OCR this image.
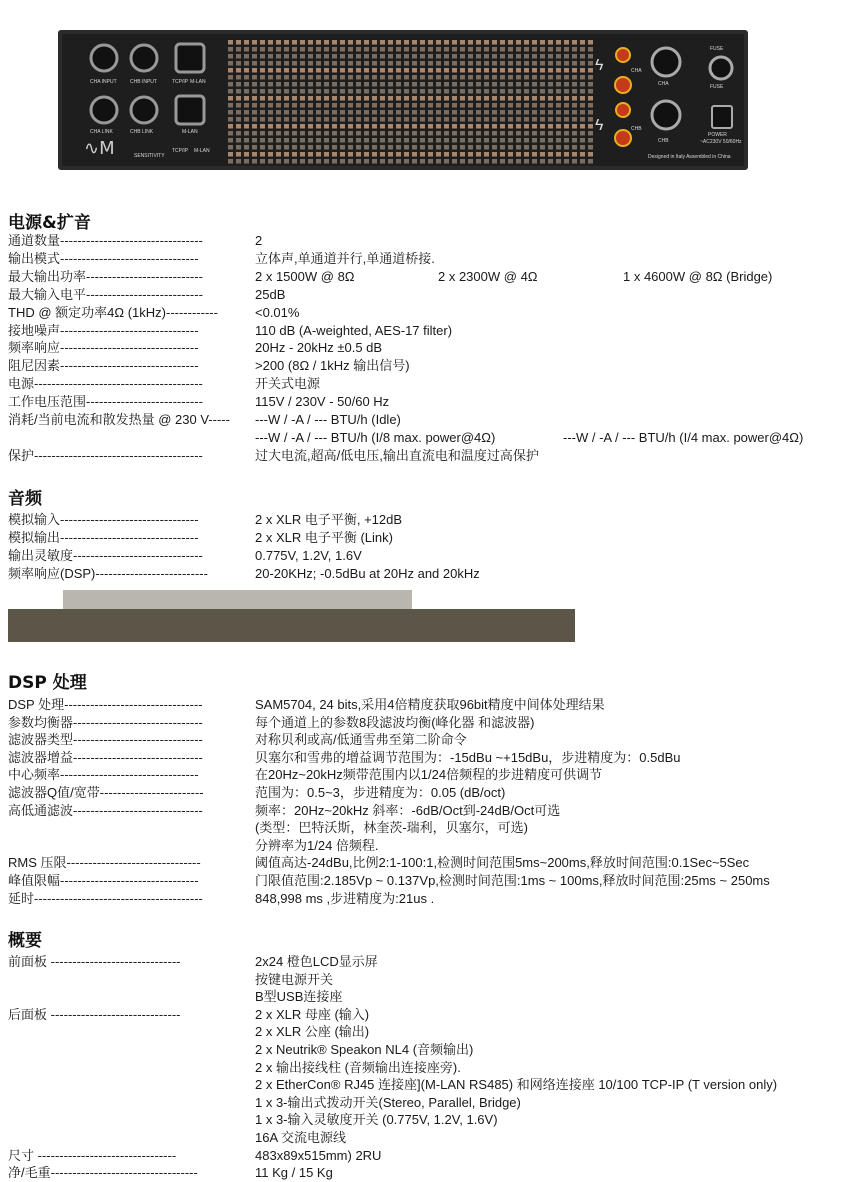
CHA INPUT	CHB INPUT	TCP/IP M-LAN
CHA LINK	CHB LINK	M-LAN
SENSITIVITY
TCP/IP M-LAN
CHA
CHB
CHA
CHB
FUSE
FUSE
POWER
~AC230V 50/60Hz
Designed in Italy Assembled in China
∿M
ϟ
ϟ
电源&扩音
通道数量---------------------------------	2
输出模式--------------------------------	立体声,单通道并行,单通道桥接.
最大输出功率---------------------------	2 x 1500W @ 8Ω	2 x 2300W @ 4Ω	1 x 4600W @ 8Ω (Bridge)
最大输入电平---------------------------	25dB
THD @ 额定功率4Ω (1kHz)------------	<0.01%
接地噪声--------------------------------	110 dB (A-weighted, AES-17 filter)
频率响应--------------------------------	20Hz - 20kHz ±0.5 dB
阻尼因素--------------------------------	>200 (8Ω / 1kHz 输出信号)
电源---------------------------------------	开关式电源
工作电压范围---------------------------	115V / 230V - 50/60 Hz
消耗/当前电流和散发热量 @ 230 V----- ---W / -A / --- BTU/h (Idle)
---W / -A / --- BTU/h (I/8 max. power@4Ω)	---W / -A / --- BTU/h (I/4 max. power@4Ω)
保护---------------------------------------	过大电流,超高/低电压,输出直流电和温度过高保护
音频
模拟输入--------------------------------	2 x XLR 电子平衡, +12dB
模拟输出--------------------------------	2 x XLR 电子平衡 (Link)
输出灵敏度------------------------------	0.775V, 1.2V, 1.6V
频率响应(DSP)--------------------------	20-20KHz; -0.5dBu at 20Hz and 20kHz
DSP 处理
DSP 处理--------------------------------	SAM5704, 24 bits,采用4倍精度获取96bit精度中间体处理结果
参数均衡器------------------------------	每个通道上的参数8段滤波均衡(峰化器 和滤波器)
滤波器类型------------------------------	对称贝利或高/低通雪弗至第二阶命令
滤波器增益------------------------------	贝塞尔和雪弗的增益调节范围为：-15dBu ~+15dBu，步进精度为：0.5dBu
中心频率--------------------------------	在20Hz~20kHz频带范围内以1/24倍频程的步进精度可供调节
滤波器Q值/宽带------------------------	范围为：0.5~3，步进精度为：0.05 (dB/oct)
高低通滤波------------------------------	频率：20Hz~20kHz 斜率：-6dB/Oct到-24dB/Oct可选
(类型：巴特沃斯，林奎茨-瑞利，贝塞尔，可选)
分辨率为1/24 倍频程.
RMS 压限-------------------------------	阈值高达-24dBu,比例2:1-100:1,检测时间范围5ms~200ms,释放时间范围:0.1Sec~5Sec
峰值限幅--------------------------------	门限值范围:2.185Vp ~ 0.137Vp,检测时间范围:1ms ~ 100ms,释放时间范围:25ms ~ 250ms
延时---------------------------------------	848,998 ms ,步进精度为:21us .
概要
前面板 ------------------------------	2x24 橙色LCD显示屏
按键电源开关
B型USB连接座
后面板 ------------------------------	2 x XLR 母座 (输入)
2 x XLR 公座 (输出)
2 x Neutrik® Speakon NL4 (音频输出)
2 x 输出接线柱 (音频输出连接座旁).
2 x EtherCon® RJ45 连接座](M-LAN RS485) 和网络连接座 10/100 TCP-IP (T version only)
1 x 3-输出式拨动开关(Stereo, Parallel, Bridge)
1 x 3-输入灵敏度开关 (0.775V, 1.2V, 1.6V)
16A 交流电源线
尺寸 --------------------------------	483x89x515mm) 2RU
净/毛重----------------------------------	11 Kg / 15 Kg
